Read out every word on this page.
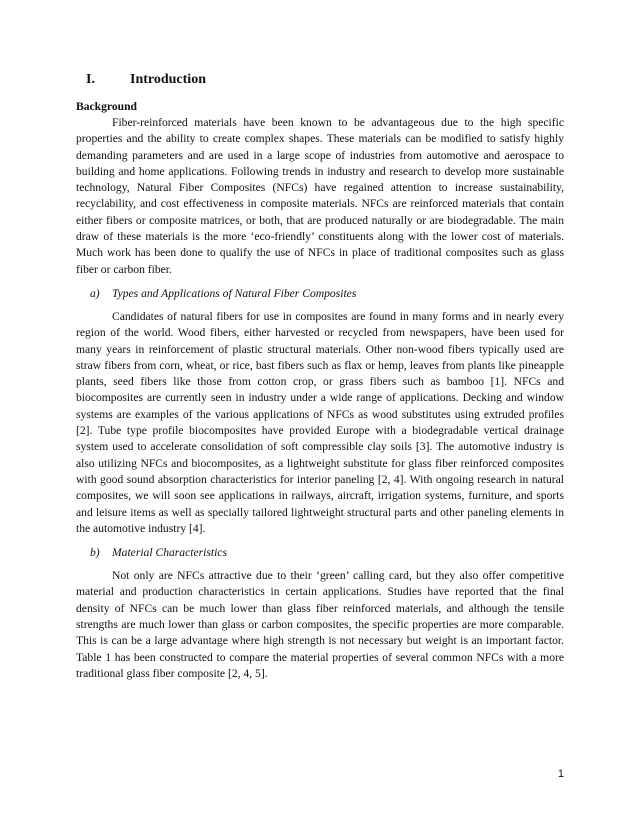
I.	Introduction
Background

Fiber-reinforced materials have been known to be advantageous due to the high specific properties and the ability to create complex shapes. These materials can be modified to satisfy highly demanding parameters and are used in a large scope of industries from automotive and aerospace to building and home applications. Following trends in industry and research to develop more sustainable technology, Natural Fiber Composites (NFCs) have regained attention to increase sustainability, recyclability, and cost effectiveness in composite materials. NFCs are reinforced materials that contain either fibers or composite matrices, or both, that are produced naturally or are biodegradable. The main draw of these materials is the more ‘eco-friendly’ constituents along with the lower cost of materials. Much work has been done to qualify the use of NFCs in place of traditional composites such as glass fiber or carbon fiber.

a)	Types and Applications of Natural Fiber Composites

Candidates of natural fibers for use in composites are found in many forms and in nearly every region of the world. Wood fibers, either harvested or recycled from newspapers, have been used for many years in reinforcement of plastic structural materials. Other non-wood fibers typically used are straw fibers from corn, wheat, or rice, bast fibers such as flax or hemp, leaves from plants like pineapple plants, seed fibers like those from cotton crop, or grass fibers such as bamboo [1]. NFCs and biocomposites are currently seen in industry under a wide range of applications. Decking and window systems are examples of the various applications of NFCs as wood substitutes using extruded profiles [2]. Tube type profile biocomposites have provided Europe with a biodegradable vertical drainage system used to accelerate consolidation of soft compressible clay soils [3]. The automotive industry is also utilizing NFCs and biocomposites, as a lightweight substitute for glass fiber reinforced composites with good sound absorption characteristics for interior paneling [2, 4]. With ongoing research in natural composites, we will soon see applications in railways, aircraft, irrigation systems, furniture, and sports and leisure items as well as specially tailored lightweight structural parts and other paneling elements in the automotive industry [4].

b)	Material Characteristics

Not only are NFCs attractive due to their ‘green’ calling card, but they also offer competitive material and production characteristics in certain applications. Studies have reported that the final density of NFCs can be much lower than glass fiber reinforced materials, and although the tensile strengths are much lower than glass or carbon composites, the specific properties are more comparable. This is can be a large advantage where high strength is not necessary but weight is an important factor. Table 1 has been constructed to compare the material properties of several common NFCs with a more traditional glass fiber composite [2, 4, 5].

1
